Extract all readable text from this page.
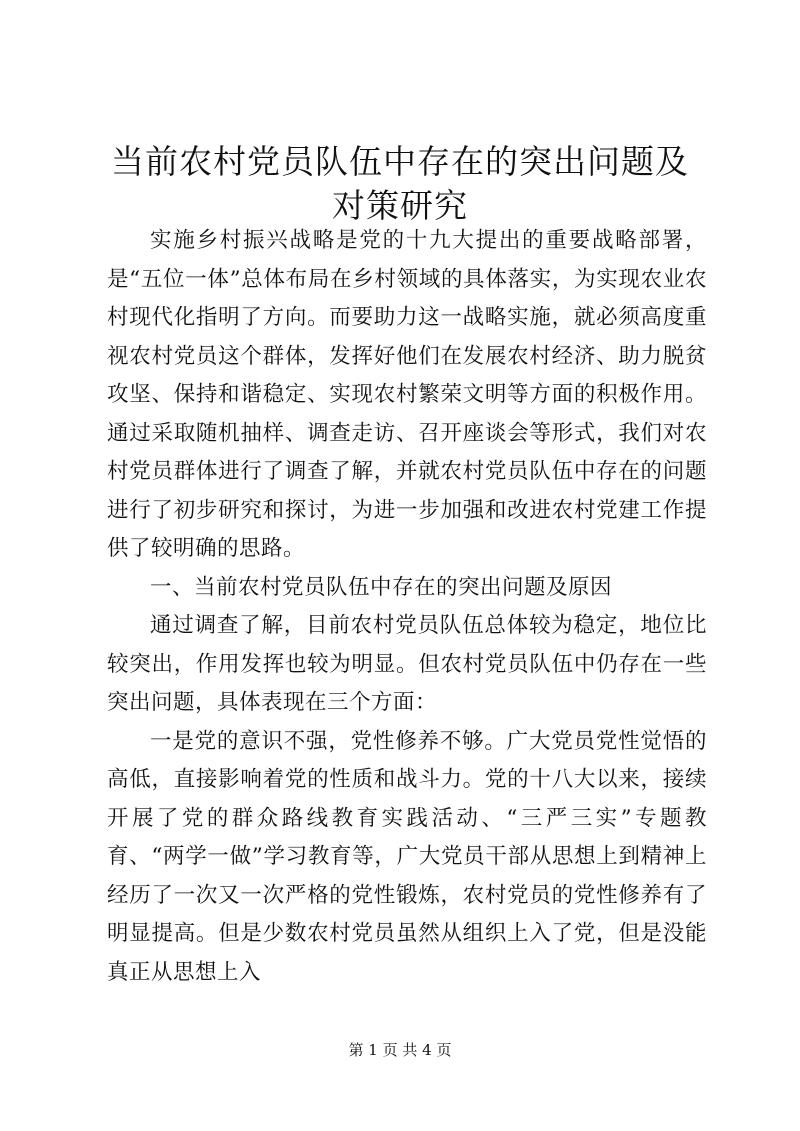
当前农村党员队伍中存在的突出问题及对策研究

实施乡村振兴战略是党的十九大提出的重要战略部署，是“五位一体”总体布局在乡村领域的具体落实，为实现农业农村现代化指明了方向。而要助力这一战略实施，就必须高度重视农村党员这个群体，发挥好他们在发展农村经济、助力脱贫攻坚、保持和谐稳定、实现农村繁荣文明等方面的积极作用。通过采取随机抽样、调查走访、召开座谈会等形式，我们对农村党员群体进行了调查了解，并就农村党员队伍中存在的问题进行了初步研究和探讨，为进一步加强和改进农村党建工作提供了较明确的思路。

一、当前农村党员队伍中存在的突出问题及原因

通过调查了解，目前农村党员队伍总体较为稳定，地位比较突出，作用发挥也较为明显。但农村党员队伍中仍存在一些突出问题，具体表现在三个方面：

一是党的意识不强，党性修养不够。广大党员党性觉悟的高低，直接影响着党的性质和战斗力。党的十八大以来，接续开展了党的群众路线教育实践活动、“三严三实”专题教育、“两学一做”学习教育等，广大党员干部从思想上到精神上经历了一次又一次严格的党性锻炼，农村党员的党性修养有了明显提高。但是少数农村党员虽然从组织上入了党，但是没能真正从思想上入

第 1 页 共 4 页
